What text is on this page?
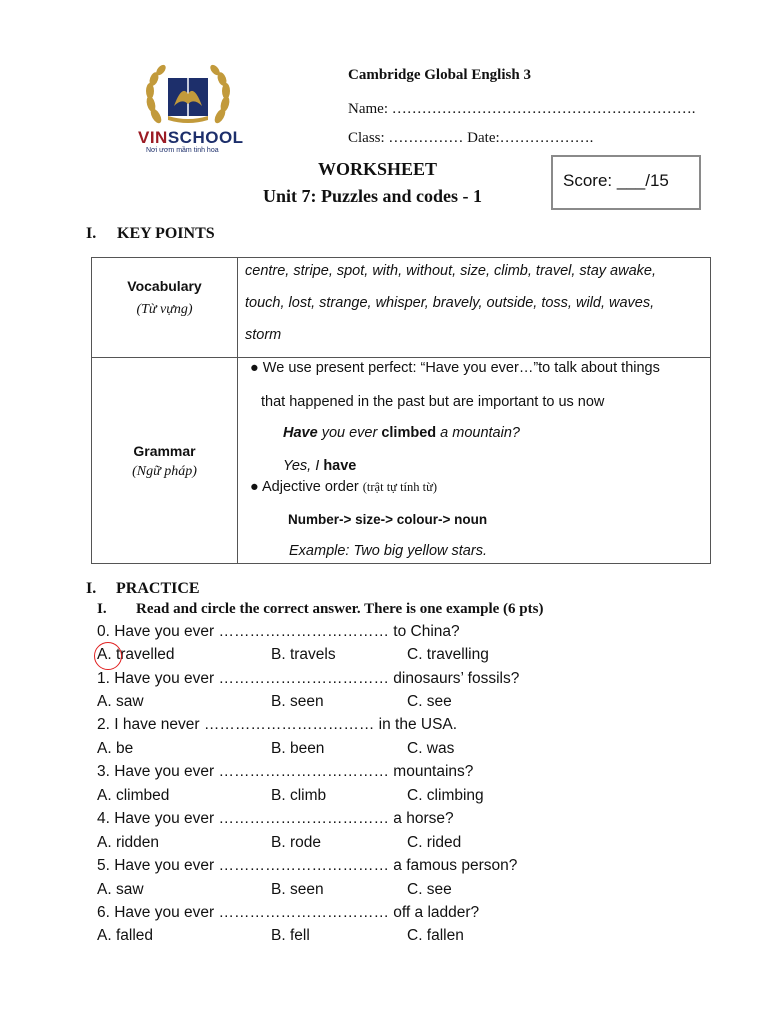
VINSCHOOL
Nơi ươm mầm tinh hoa
Cambridge Global English 3
Name: …………………………………………………….
Class: …………… Date:……………….
WORKSHEET
Unit 7: Puzzles and codes - 1
Score: ___/15
I. KEY POINTS
Vocabulary
(Từ vựng)
centre, stripe, spot, with, without, size, climb, travel, stay awake,
touch, lost, strange, whisper, bravely, outside, toss, wild, waves,
storm
Grammar
(Ngữ pháp)
● We use present perfect: “Have you ever…”to talk about things
that happened in the past but are important to us now
Have you ever climbed a mountain?
Yes, I have
● Adjective order (trật tự tính từ)
Number-> size-> colour-> noun
Example: Two big yellow stars.
I. PRACTICE
I. Read and circle the correct answer. There is one example (6 pts)
0. Have you ever …………………………… to China?
A. travelled	B. travels	C. travelling
1. Have you ever …………………………… dinosaurs’ fossils?
A. saw	B. seen	C. see
2. I have never …………………………… in the USA.
A. be	B. been	C. was
3. Have you ever …………………………… mountains?
A. climbed	B. climb	C. climbing
4. Have you ever …………………………… a horse?
A. ridden	B. rode	C. rided
5. Have you ever …………………………… a famous person?
A. saw	B. seen	C. see
6. Have you ever …………………………… off a ladder?
A. falled	B. fell	C. fallen
